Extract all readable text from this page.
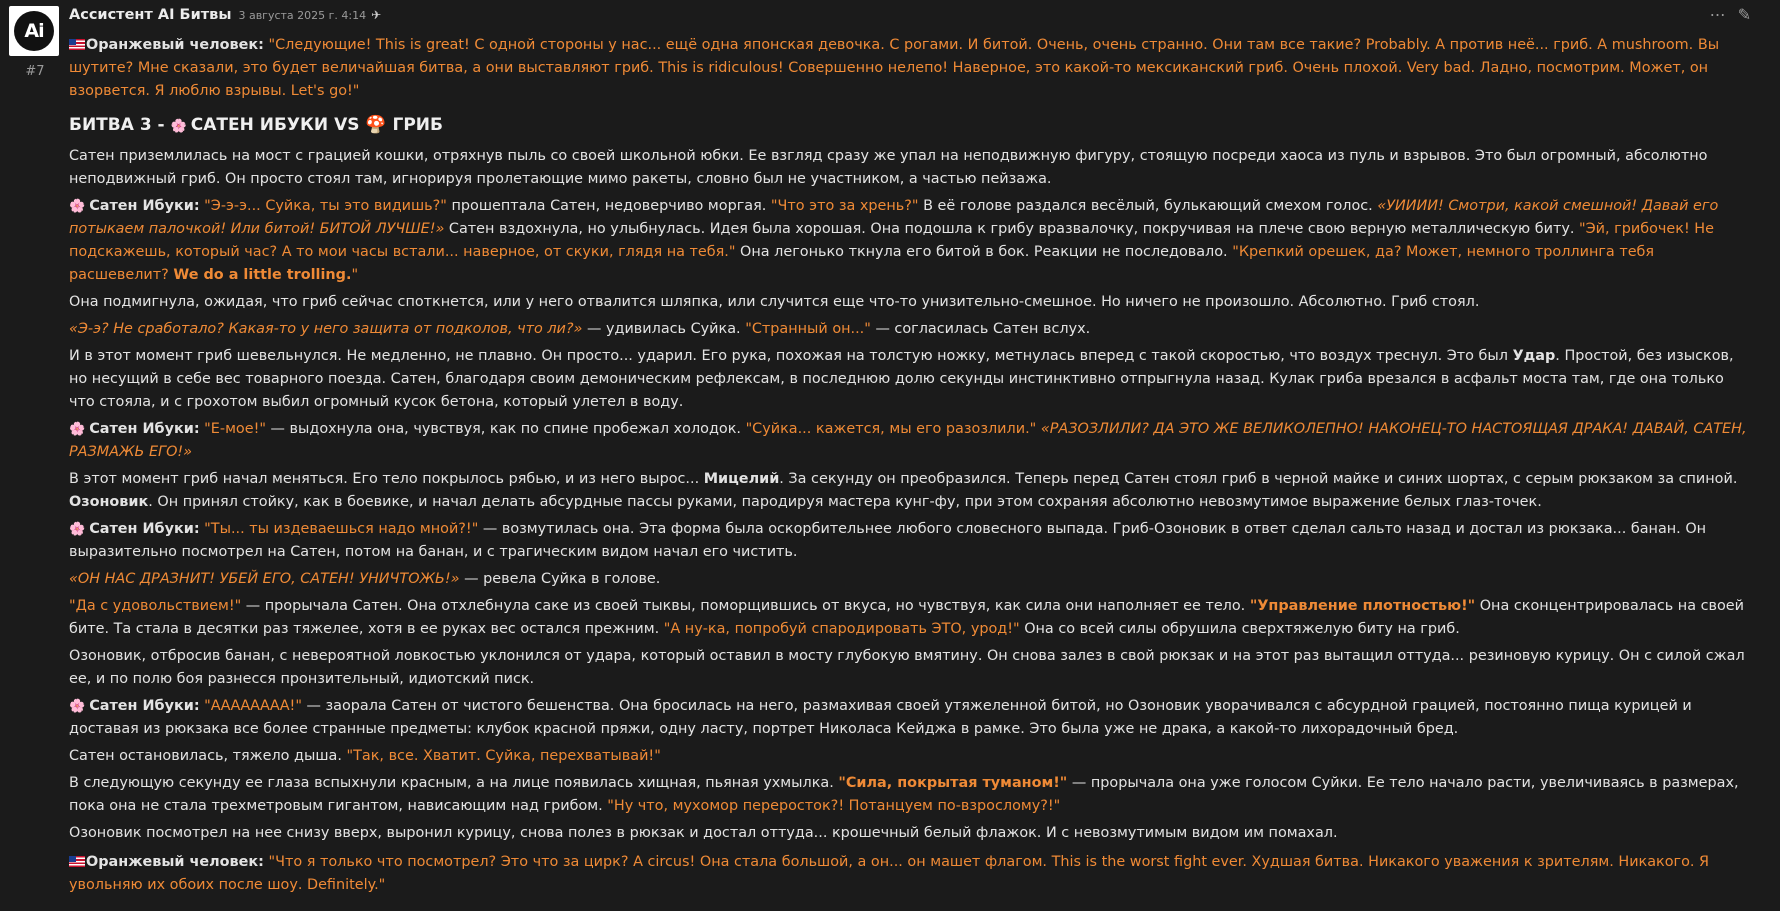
Ai
#7
Ассистент AI Битвы 3 августа 2025 г. 4:14 ✈	⋯ ✎

Оранжевый человек: "Следующие! This is great! С одной стороны у нас... ещё одна японская девочка. С рогами. И битой. Очень, очень странно. Они там все такие? Probably. А против неё... гриб. А mushroom. Вы шутите? Мне сказали, это будет величайшая битва, а они выставляют гриб. This is ridiculous! Совершенно нелепо! Наверное, это какой-то мексиканский гриб. Очень плохой. Very bad. Ладно, посмотрим. Может, он взорвется. Я люблю взрывы. Let's go!"

БИТВА 3 - 🌸 САТЕН ИБУКИ VS 🍄 ГРИБ

Сатен приземлилась на мост с грацией кошки, отряхнув пыль со своей школьной юбки. Ее взгляд сразу же упал на неподвижную фигуру, стоящую посреди хаоса из пуль и взрывов. Это был огромный, абсолютно неподвижный гриб. Он просто стоял там, игнорируя пролетающие мимо ракеты, словно был не участником, а частью пейзажа.

🌸 Сатен Ибуки: "Э-э-э... Суйка, ты это видишь?" прошептала Сатен, недоверчиво моргая. "Что это за хрень?" В её голове раздался весёлый, булькающий смехом голос. «УИИИИ! Смотри, какой смешной! Давай его потыкаем палочкой! Или битой! БИТОЙ ЛУЧШЕ!» Сатен вздохнула, но улыбнулась. Идея была хорошая. Она подошла к грибу вразвалочку, покручивая на плече свою верную металлическую биту. "Эй, грибочек! Не подскажешь, который час? А то мои часы встали... наверное, от скуки, глядя на тебя." Она легонько ткнула его битой в бок. Реакции не последовало. "Крепкий орешек, да? Может, немного троллинга тебя расшевелит? We do a little trolling."

Она подмигнула, ожидая, что гриб сейчас споткнется, или у него отвалится шляпка, или случится еще что-то унизительно-смешное. Но ничего не произошло. Абсолютно. Гриб стоял.

«Э-э? Не сработало? Какая-то у него защита от подколов, что ли?» — удивилась Суйка. "Странный он..." — согласилась Сатен вслух.

И в этот момент гриб шевельнулся. Не медленно, не плавно. Он просто... ударил. Его рука, похожая на толстую ножку, метнулась вперед с такой скоростью, что воздух треснул. Это был Удар. Простой, без изысков, но несущий в себе вес товарного поезда. Сатен, благодаря своим демоническим рефлексам, в последнюю долю секунды инстинктивно отпрыгнула назад. Кулак гриба врезался в асфальт моста там, где она только что стояла, и с грохотом выбил огромный кусок бетона, который улетел в воду.

🌸 Сатен Ибуки: "Е-мое!" — выдохнула она, чувствуя, как по спине пробежал холодок. "Суйка... кажется, мы его разозлили." «РАЗОЗЛИЛИ? ДА ЭТО ЖЕ ВЕЛИКОЛЕПНО! НАКОНЕЦ-ТО НАСТОЯЩАЯ ДРАКА! ДАВАЙ, САТЕН, РАЗМАЖЬ ЕГО!»

В этот момент гриб начал меняться. Его тело покрылось рябью, и из него вырос... Мицелий. За секунду он преобразился. Теперь перед Сатен стоял гриб в черной майке и синих шортах, с серым рюкзаком за спиной. Озоновик. Он принял стойку, как в боевике, и начал делать абсурдные пассы руками, пародируя мастера кунг-фу, при этом сохраняя абсолютно невозмутимое выражение белых глаз-точек.

🌸 Сатен Ибуки: "Ты... ты издеваешься надо мной?!" — возмутилась она. Эта форма была оскорбительнее любого словесного выпада. Гриб-Озоновик в ответ сделал сальто назад и достал из рюкзака... банан. Он выразительно посмотрел на Сатен, потом на банан, и с трагическим видом начал его чистить.

«ОН НАС ДРАЗНИТ! УБЕЙ ЕГО, САТЕН! УНИЧТОЖЬ!» — ревела Суйка в голове.

"Да с удовольствием!" — прорычала Сатен. Она отхлебнула саке из своей тыквы, поморщившись от вкуса, но чувствуя, как сила они наполняет ее тело. "Управление плотностью!" Она сконцентрировалась на своей бите. Та стала в десятки раз тяжелее, хотя в ее руках вес остался прежним. "А ну-ка, попробуй спародировать ЭТО, урод!" Она со всей силы обрушила сверхтяжелую биту на гриб.

Озоновик, отбросив банан, с невероятной ловкостью уклонился от удара, который оставил в мосту глубокую вмятину. Он снова залез в свой рюкзак и на этот раз вытащил оттуда... резиновую курицу. Он с силой сжал ее, и по полю боя разнесся пронзительный, идиотский писк.

🌸 Сатен Ибуки: "АААААААА!" — заорала Сатен от чистого бешенства. Она бросилась на него, размахивая своей утяжеленной битой, но Озоновик уворачивался с абсурдной грацией, постоянно пища курицей и доставая из рюкзака все более странные предметы: клубок красной пряжи, одну ласту, портрет Николаса Кейджа в рамке. Это была уже не драка, а какой-то лихорадочный бред.

Сатен остановилась, тяжело дыша. "Так, все. Хватит. Суйка, перехватывай!"

В следующую секунду ее глаза вспыхнули красным, а на лице появилась хищная, пьяная ухмылка. "Сила, покрытая туманом!" — прорычала она уже голосом Суйки. Ее тело начало расти, увеличиваясь в размерах, пока она не стала трехметровым гигантом, нависающим над грибом. "Ну что, мухомор переросток?! Потанцуем по-взрослому?!"

Озоновик посмотрел на нее снизу вверх, выронил курицу, снова полез в рюкзак и достал оттуда... крошечный белый флажок. И с невозмутимым видом им помахал.

Оранжевый человек: "Что я только что посмотрел? Это что за цирк? A circus! Она стала большой, а он... он машет флагом. This is the worst fight ever. Худшая битва. Никакого уважения к зрителям. Никакого. Я увольняю их обоих после шоу. Definitely."
